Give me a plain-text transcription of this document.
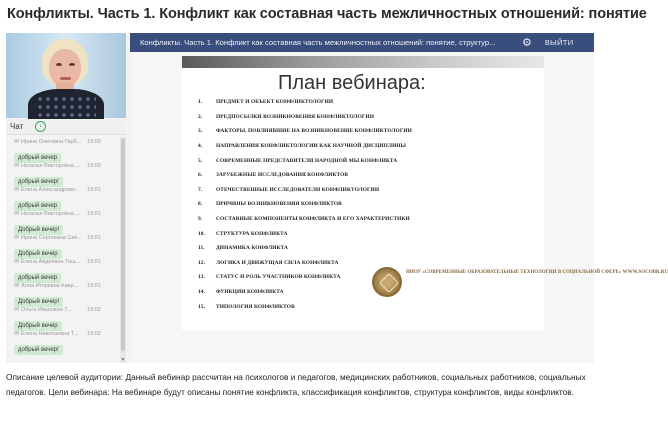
Конфликты. Часть 1. Конфликт как составная часть межличностных отношений: понятие
Чат	↓
✉ Ирина Олеговна Гарб... 19:00
добрый вечер
✉ Наталья Викторовна ... 19:00
добрый вечер!
✉ Елена Александровн... 19:01
добрый вечер
✉ Наталья Викторовна ... 19:01
Добрый вечер!
✉ Ирина Сергеевна Сен... 19:01
Добрый вечер
✉ Елена Авдеевна Тиш... 19:01
добрый вечер
✉ Алла Игоревна Кавр...	19:01
Добрый вечер!
✉ Ольга Ивановна Т...	19:02
Добрый вечер
✉ Елена Николаевна Т...	19:02
добрый вечер!
▼
Конфликты. Часть 1. Конфликт как составная часть межличностных отношений: понятие, структур...	⚙ ВЫЙТИ
План вебинара:
1.	ПРЕДМЕТ И ОБЪЕКТ КОНФЛИКТОЛОГИИ
2.	ПРЕДПОСЫЛКИ ВОЗНИКНОВЕНИЯ КОНФЛИКТОЛОГИИ
3.	ФАКТОРЫ, ПОВЛИЯВШИЕ НА ВОЗНИКНОВЕНИЕ КОНФЛИКТОЛОГИИ
4.	НАПРАВЛЕНИЯ КОНФЛИКТОЛОГИИ КАК НАУЧНОЙ ДИСЦИПЛИНЫ
5.	СОВРЕМЕННЫЕ ПРЕДСТАВИТЕЛИ НАРОДНОЙ МЫ КОНФЛИКТА
6.	ЗАРУБЕЖНЫЕ ИССЛЕДОВАНИЯ КОНФЛИКТОВ
7.	ОТЕЧЕСТВЕННЫЕ ИССЛЕДОВАТЕЛИ КОНФЛИКТОЛОГИИ
8.	ПРИЧИНЫ ВОЗНИКНОВЕНИЯ КОНФЛИКТОВ
9.	СОСТАВНЫЕ КОМПОНЕНТЫ КОНФЛИКТА И ЕГО ХАРАКТЕРИСТИКИ
10.	СТРУКТУРА КОНФЛИКТА
11.	ДИНАМИКА КОНФЛИКТА
12.	ЛОГИКА И ДВИЖУЩАЯ СИЛА КОНФЛИКТА
13.	СТАТУС И РОЛЬ УЧАСТНИКОВ КОНФЛИКТА
14.	ФУНКЦИИ КОНФЛИКТА
15.	ТИПОЛОГИЯ КОНФЛИКТОВ
НИОУ «СОВРЕМЕННЫЕ ОБРАЗОВАТЕЛЬНЫЕ ТЕХНОЛОГИИ В СОЦИАЛЬНОЙ СФЕРЕ» WWW.SOCOBR.RU
Описание целевой аудитории: Данный вебинар рассчитан на психологов и педагогов, медицинских работников, социальных работников, социальных педагогов. Цели вебинара: На вебинаре будут описаны понятие конфликта, классификация конфликтов, структура конфликтов, виды конфликтов.
